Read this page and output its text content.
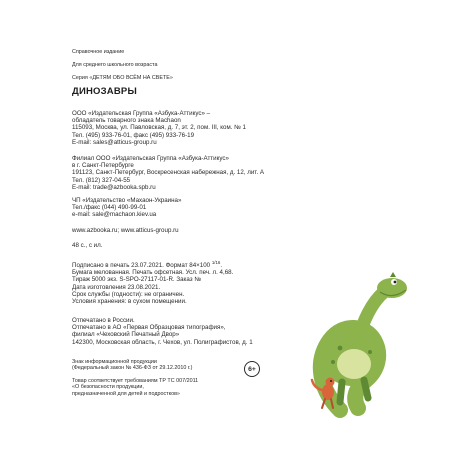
Справочное издание
Для среднего школьного возраста
Серия «ДЕТЯМ ОБО ВСЁМ НА СВЕТЕ»
ДИНОЗАВРЫ
ООО «Издательская Группа «Азбука-Аттикус» –
обладатель товарного знака Machaon
115093, Москва, ул. Павловская, д. 7, эт. 2, пом. III, ком. № 1
Тел. (495) 933-76-01, факс (495) 933-76-19
E-mail: sales@atticus-group.ru
Филиал ООО «Издательская Группа «Азбука-Аттикус»
в г. Санкт-Петербурге
191123, Санкт-Петербург, Воскресенская набережная, д. 12, лит. А
Тел. (812) 327-04-55
E-mail: trade@azbooka.spb.ru
ЧП «Издательство «Махаон-Украина»
Тел./факс (044) 490-99-01
e-mail: sale@machaon.kiev.ua
www.azbooka.ru; www.atticus-group.ru
48 с., с ил.
Подписано в печать 23.07.2021. Формат 84×100 $^{1/16}$.
Бумага мелованная. Печать офсетная. Усл. печ. л. 4,68.
Тираж 5000 экз. S-SPO-27117-01-R. Заказ №
Дата изготовления 23.08.2021.
Срок службы (годности): не ограничен.
Условия хранения: в сухом помещении.
Отпечатано в России.
Отпечатано в АО «Первая Образцовая типография»,
филиал «Чеховский Печатный Двор»
142300, Московская область, г. Чехов, ул. Полиграфистов, д. 1
Знак информационной продукции
(Федеральный закон № 436-ФЗ от 29.12.2010 г.)	6+
Товар соответствует требованиям ТР ТС 007/2011
«О безопасности продукции,
предназначенной для детей и подростков»
